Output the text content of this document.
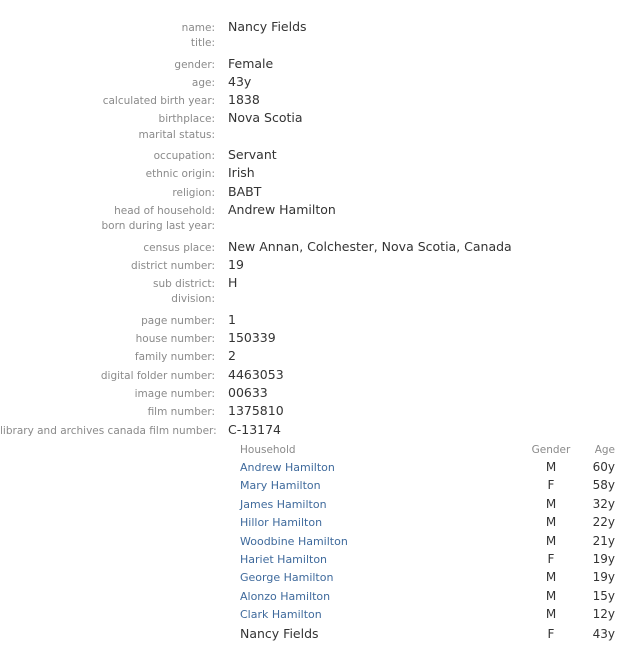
name:	Nancy Fields
title:
gender:	Female
age:	43y
calculated birth year:	1838
birthplace:	Nova Scotia
marital status:
occupation:	Servant
ethnic origin:	Irish
religion:	BABT
head of household:	Andrew Hamilton
born during last year:
census place:	New Annan, Colchester, Nova Scotia, Canada
district number:	19
sub district:	H
division:
page number:	1
house number:	150339
family number:	2
digital folder number:	4463053
image number:	00633
film number:	1375810
library and archives canada film number: C-13174
Household	Gender	Age
Andrew Hamilton	M	60y
Mary Hamilton	F	58y
James Hamilton	M	32y
Hillor Hamilton	M	22y
Woodbine Hamilton	M	21y
Hariet Hamilton	F	19y
George Hamilton	M	19y
Alonzo Hamilton	M	15y
Clark Hamilton	M	12y
Nancy Fields	F	43y
